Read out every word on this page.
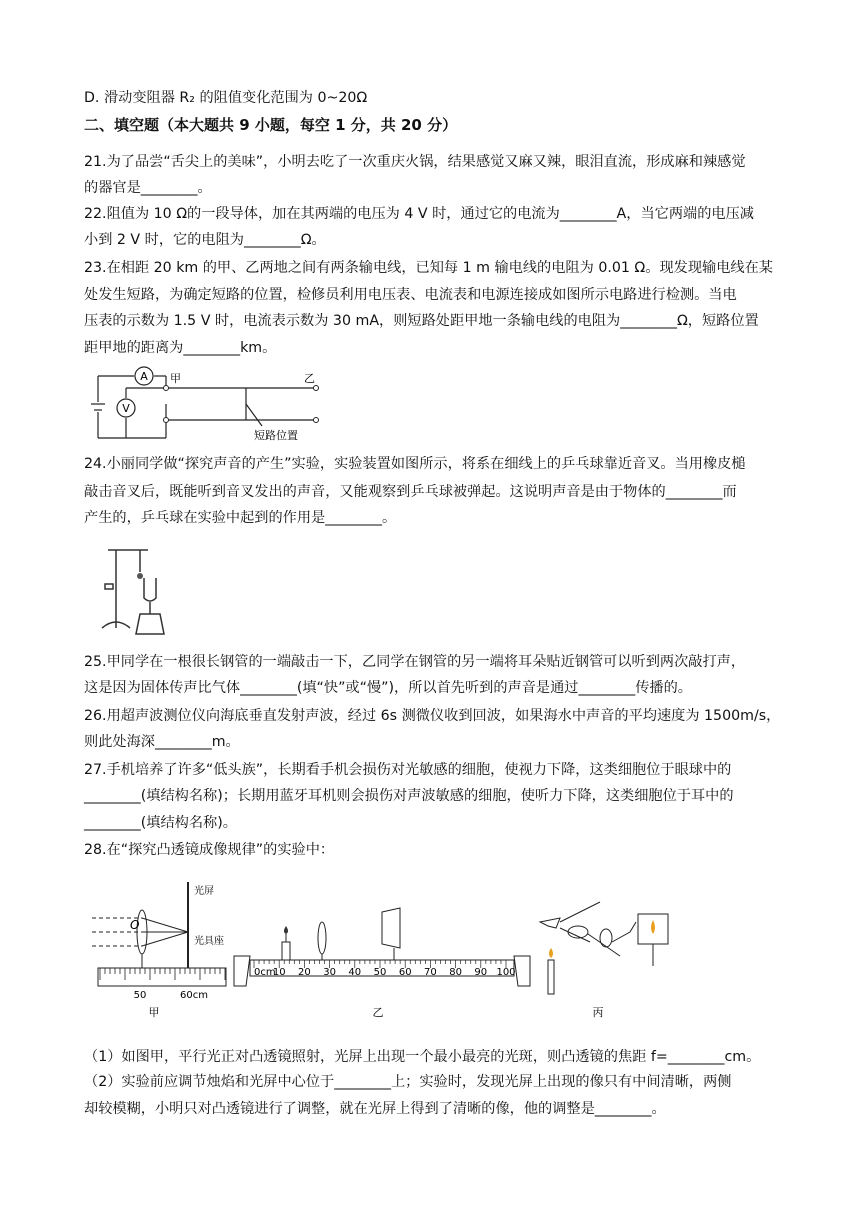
D. 滑动变阻器 R₂ 的阻值变化范围为 0~20Ω
二、填空题（本大题共 9 小题，每空 1 分，共 20 分）
21.为了品尝“舌尖上的美味”，小明去吃了一次重庆火锅，结果感觉又麻又辣，眼泪直流，形成麻和辣感觉
的器官是________。
22.阻值为 10 Ω的一段导体，加在其两端的电压为 4 V 时，通过它的电流为________A，当它两端的电压减
小到 2 V 时，它的电阻为________Ω。
23.在相距 20 km 的甲、乙两地之间有两条输电线，已知每 1 m 输电线的电阻为 0.01 Ω。现发现输电线在某
处发生短路，为确定短路的位置，检修员利用电压表、电流表和电源连接成如图所示电路进行检测。当电
压表的示数为 1.5 V 时，电流表示数为 30 mA，则短路处距甲地一条输电线的电阻为________Ω，短路位置
距甲地的距离为________km。
A
V
甲	乙
短路位置
24.小丽同学做“探究声音的产生”实验，实验装置如图所示，将系在细线上的乒乓球靠近音叉。当用橡皮槌
敲击音叉后，既能听到音叉发出的声音，又能观察到乒乓球被弹起。这说明声音是由于物体的________而
产生的，乒乓球在实验中起到的作用是________。
25.甲同学在一根很长钢管的一端敲击一下，乙同学在钢管的另一端将耳朵贴近钢管可以听到两次敲打声，
这是因为固体传声比气体________(填“快”或“慢”)，所以首先听到的声音是通过________传播的。
26.用超声波测位仪向海底垂直发射声波，经过 6s 测微仪收到回波，如果海水中声音的平均速度为 1500m/s，
则此处海深________m。
27.手机培养了许多“低头族”，长期看手机会损伤对光敏感的细胞，使视力下降，这类细胞位于眼球中的
________(填结构名称)；长期用蓝牙耳机则会损伤对声波敏感的细胞，使听力下降，这类细胞位于耳中的
________(填结构名称)。
28.在“探究凸透镜成像规律”的实验中：
O
光屏
光具座
50	60cm
甲
0cm
10 20 30 40 50 60 70 80 90 100
乙	丙
（1）如图甲，平行光正对凸透镜照射，光屏上出现一个最小最亮的光斑，则凸透镜的焦距 f=________cm。
（2）实验前应调节烛焰和光屏中心位于________上；实验时，发现光屏上出现的像只有中间清晰，两侧
却较模糊，小明只对凸透镜进行了调整，就在光屏上得到了清晰的像，他的调整是________。
